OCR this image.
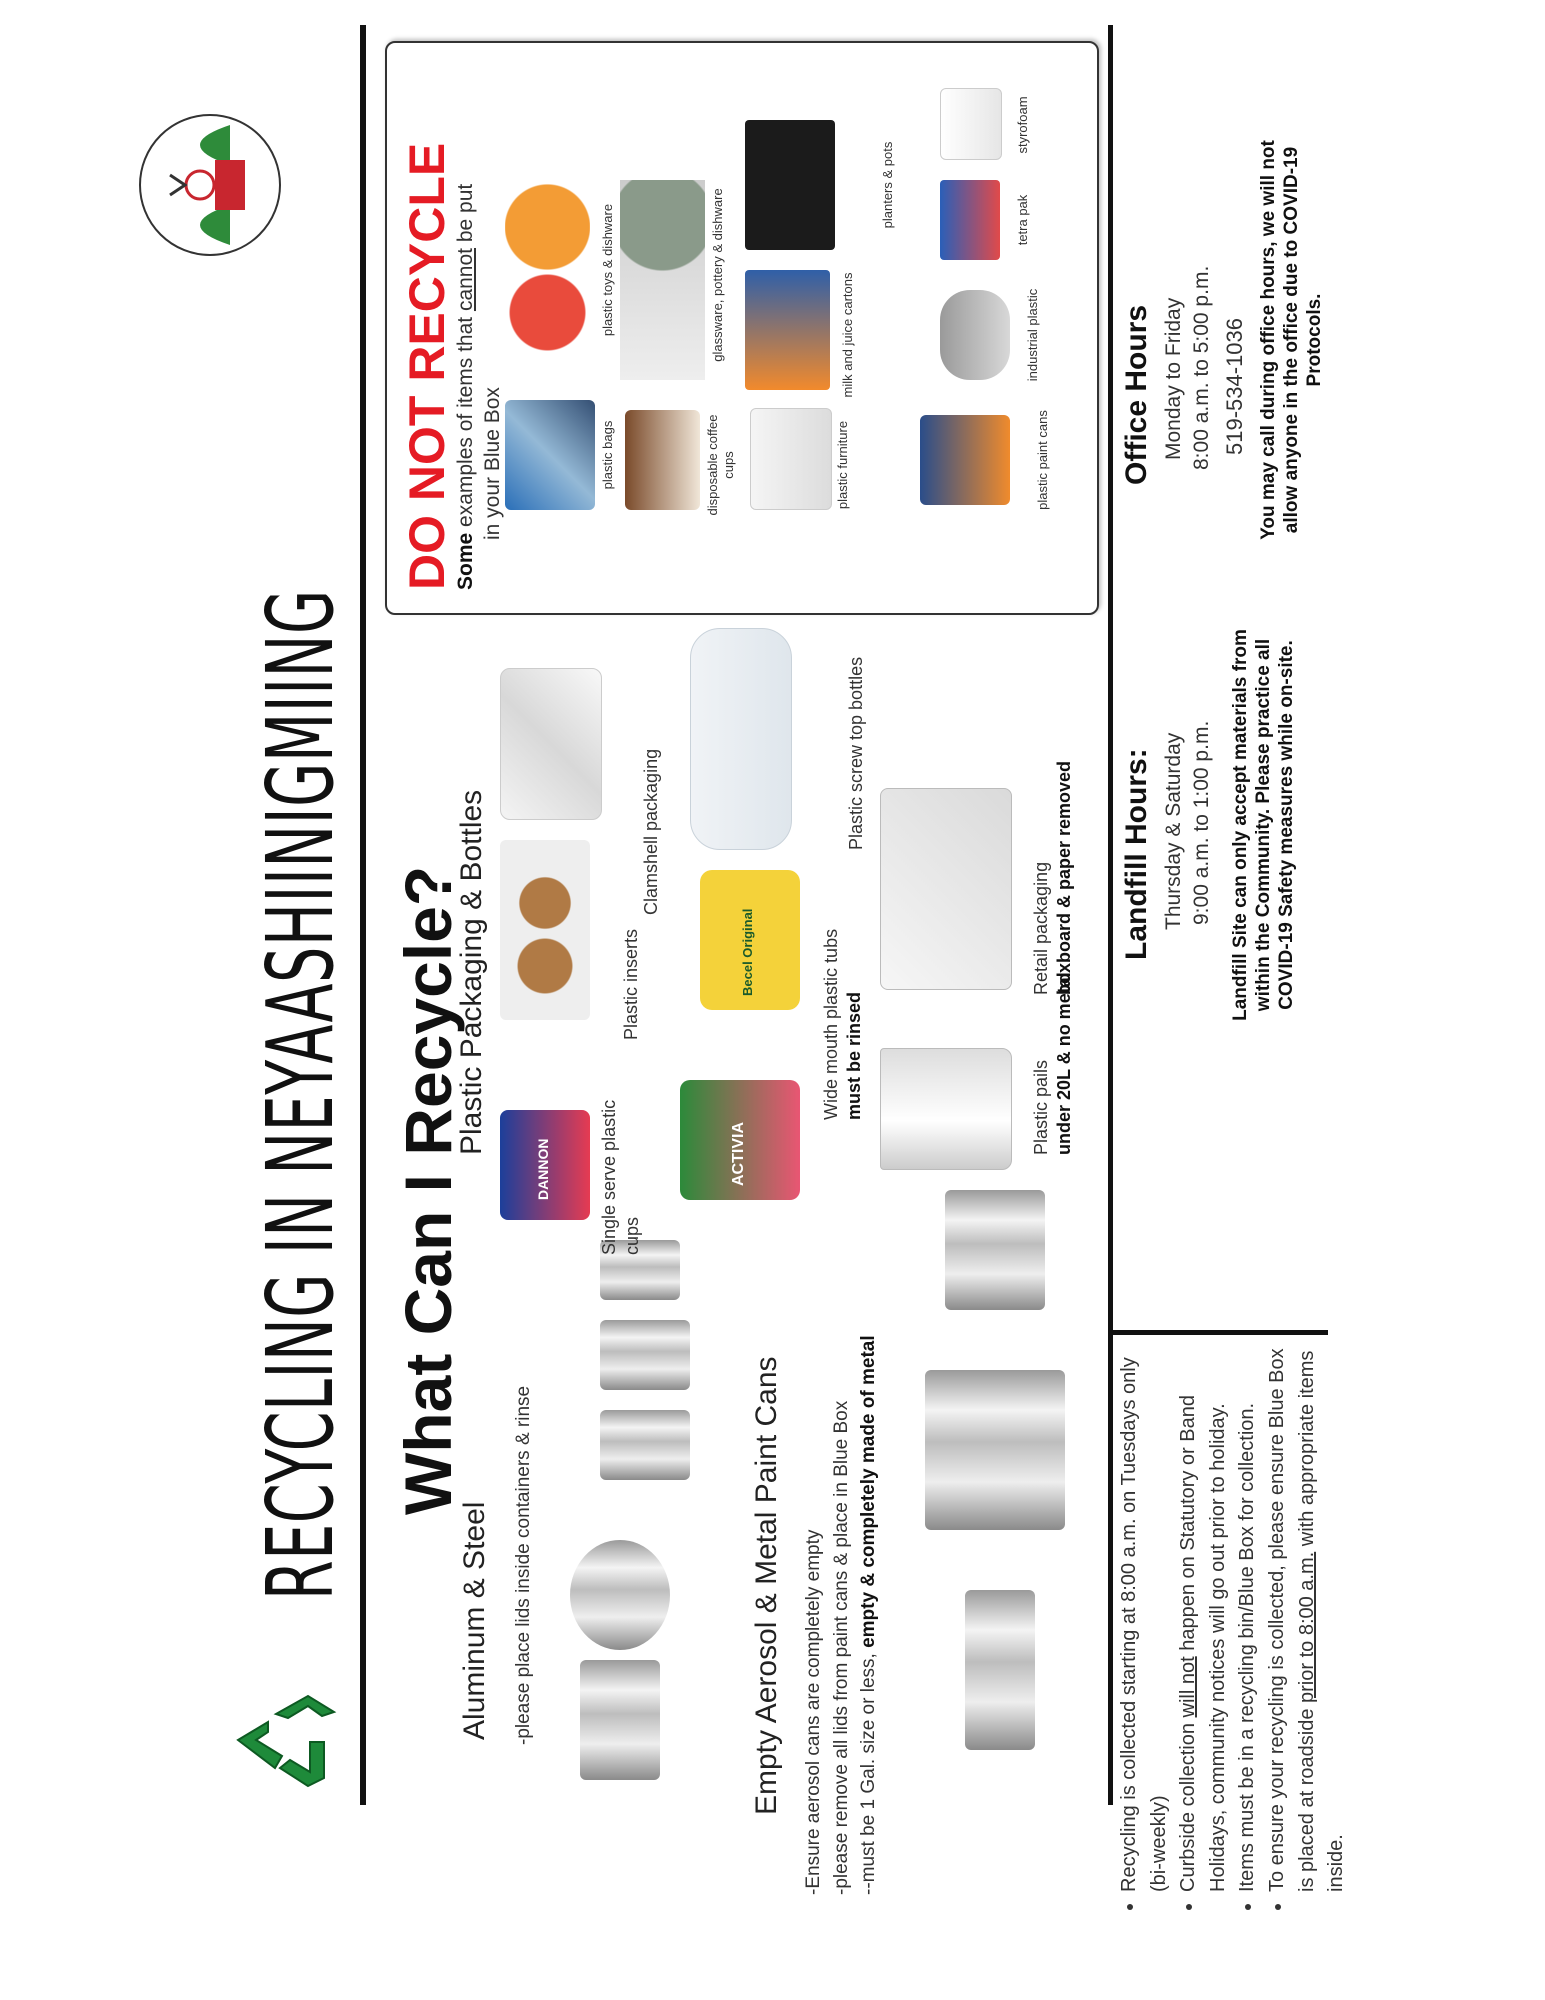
RECYCLING IN NEYAASHIINIGMIING What Can I Recycle?
Aluminum & Steel -please place lids inside containers & rinse	Empty Aerosol & Metal Paint Cans -Ensure aerosol cans are completely empty -please remove all lids from paint cans & place in Blue Box --must be 1 Gal. size or less, empty & completely made of metal
Plastic Packaging & Bottles
DANNON	Single serve plastic cups
Plastic inserts
Clamshell packaging
ACTIVIA
Becel Original	Wide mouth plastic tubs must be rinsed
Plastic screw top bottles
Plastic pails under 20L & no metal
Retail packaging boxboard & paper removed
DO NOT RECYCLE Some examples of items that cannot be put
in your Blue Box	plastic bags
plastic toys & dishware
disposable coffee cups
glassware, pottery & dishware
plastic furniture
milk and juice cartons
planters & pots
plastic paint cans
industrial plastic
tetra pak
styrofoam
• Recycling is collected starting at 8:00 a.m. on Tuesdays only (bi-weekly) • Curbside collection will not happen on Statutory or Band Holidays, community notices will go out prior to holiday. • Items must be in a recycling bin/Blue Box for collection. • To ensure your recycling is collected, please ensure Blue Box is placed at roadside prior to 8:00 a.m. with appropriate items inside.
Landfill Hours: Thursday & Saturday 9:00 a.m. to 1:00 p.m. Landfill Site can only accept materials from within the Community. Please practice all COVID-19 Safety measures while on-site.
Office Hours Monday to Friday 8:00 a.m. to 5:00 p.m. 519-534-1036 You may call during office hours, we will not allow anyone in the office due to COVID-19 Protocols.
